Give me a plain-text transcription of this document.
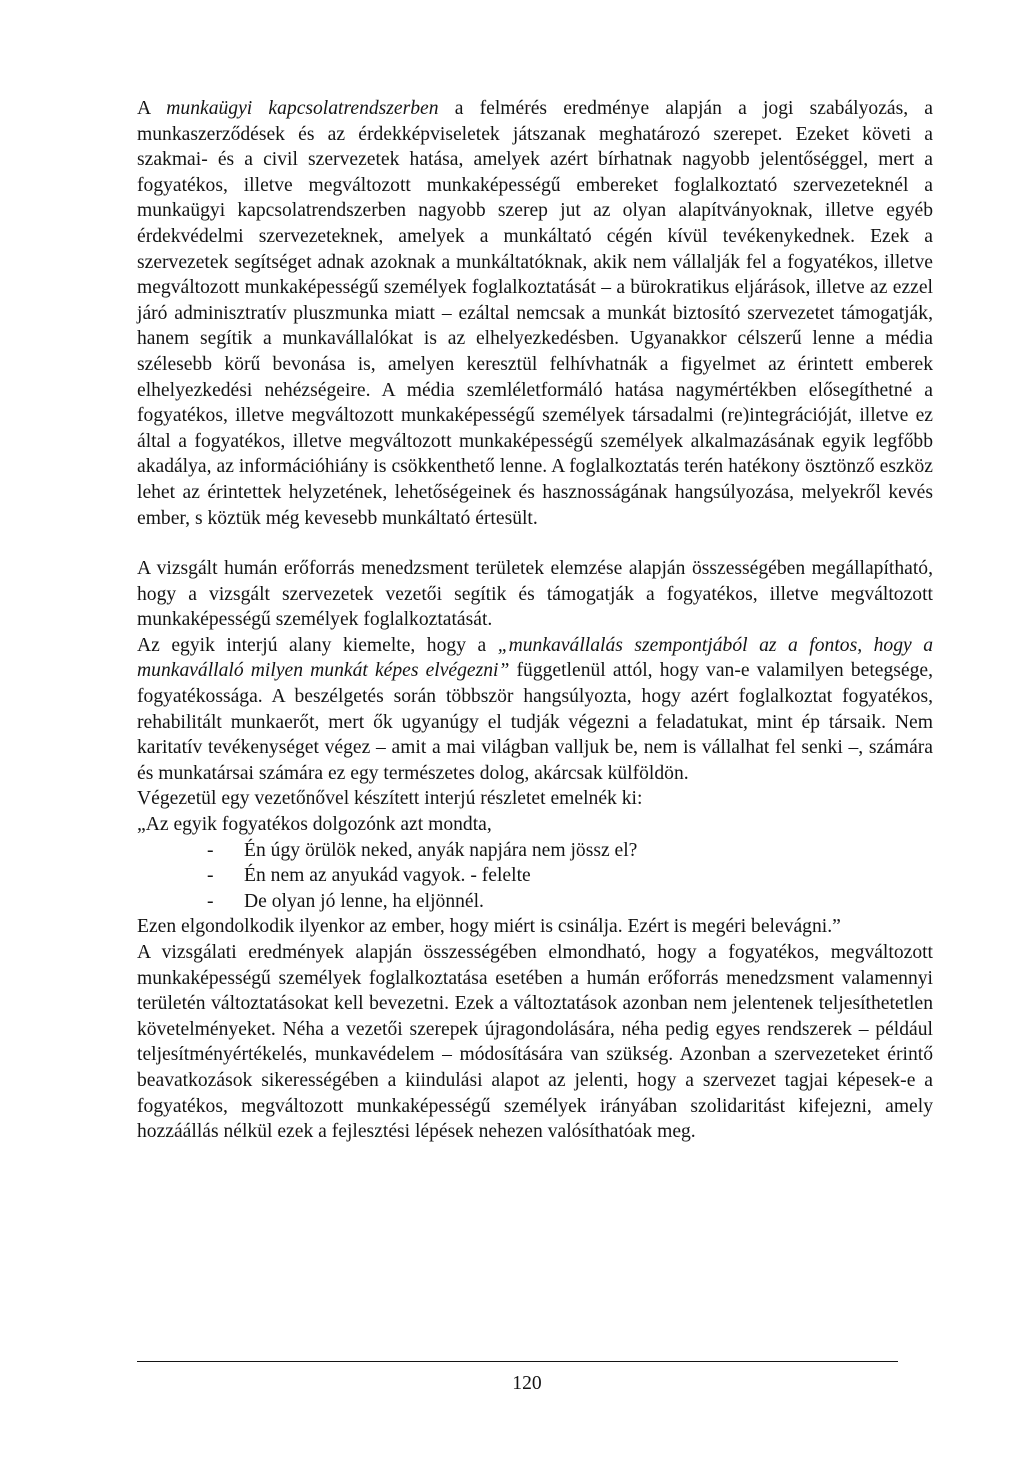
A munkaügyi kapcsolatrendszerben a felmérés eredménye alapján a jogi szabályozás, a munkaszerződések és az érdekképviseletek játszanak meghatározó szerepet. Ezeket követi a szakmai- és a civil szervezetek hatása, amelyek azért bírhatnak nagyobb jelentőséggel, mert a fogyatékos, illetve megváltozott munkaképességű embereket foglalkoztató szervezeteknél a munkaügyi kapcsolatrendszerben nagyobb szerep jut az olyan alapítványoknak, illetve egyéb érdekvédelmi szervezeteknek, amelyek a munkáltató cégén kívül tevékenykednek. Ezek a szervezetek segítséget adnak azoknak a munkáltatóknak, akik nem vállalják fel a fogyatékos, illetve megváltozott munkaképességű személyek foglalkoztatását – a bürokratikus eljárások, illetve az ezzel járó adminisztratív pluszmunka miatt – ezáltal nemcsak a munkát biztosító szervezetet támogatják, hanem segítik a munkavállalókat is az elhelyezkedésben. Ugyanakkor célszerű lenne a média szélesebb körű bevonása is, amelyen keresztül felhívhatnák a figyelmet az érintett emberek elhelyezkedési nehézségeire. A média szemléletformáló hatása nagymértékben elősegíthetné a fogyatékos, illetve megváltozott munkaképességű személyek társadalmi (re)integrációját, illetve ez által a fogyatékos, illetve megváltozott munkaképességű személyek alkalmazásának egyik legfőbb akadálya, az információhiány is csökkenthető lenne. A foglalkoztatás terén hatékony ösztönző eszköz lehet az érintettek helyzetének, lehetőségeinek és hasznosságának hangsúlyozása, melyekről kevés ember, s köztük még kevesebb munkáltató értesült.

A vizsgált humán erőforrás menedzsment területek elemzése alapján összességében megállapítható, hogy a vizsgált szervezetek vezetői segítik és támogatják a fogyatékos, illetve megváltozott munkaképességű személyek foglalkoztatását.

Az egyik interjú alany kiemelte, hogy a „munkavállalás szempontjából az a fontos, hogy a munkavállaló milyen munkát képes elvégezni” függetlenül attól, hogy van-e valamilyen betegsége, fogyatékossága. A beszélgetés során többször hangsúlyozta, hogy azért foglalkoztat fogyatékos, rehabilitált munkaerőt, mert ők ugyanúgy el tudják végezni a feladatukat, mint ép társaik. Nem karitatív tevékenységet végez – amit a mai világban valljuk be, nem is vállalhat fel senki –, számára és munkatársai számára ez egy természetes dolog, akárcsak külföldön.

Végezetül egy vezetőnővel készített interjú részletet emelnék ki:

„Az egyik fogyatékos dolgozónk azt mondta,

- Én úgy örülök neked, anyák napjára nem jössz el?

- Én nem az anyukád vagyok. - felelte

- De olyan jó lenne, ha eljönnél.

Ezen elgondolkodik ilyenkor az ember, hogy miért is csinálja. Ezért is megéri belevágni.”

A vizsgálati eredmények alapján összességében elmondható, hogy a fogyatékos, megváltozott munkaképességű személyek foglalkoztatása esetében a humán erőforrás menedzsment valamennyi területén változtatásokat kell bevezetni. Ezek a változtatások azonban nem jelentenek teljesíthetetlen követelményeket. Néha a vezetői szerepek újragondolására, néha pedig egyes rendszerek – például teljesítményértékelés, munkavédelem – módosítására van szükség. Azonban a szervezeteket érintő beavatkozások sikerességében a kiindulási alapot az jelenti, hogy a szervezet tagjai képesek-e a fogyatékos, megváltozott munkaképességű személyek irányában szolidaritást kifejezni, amely hozzáállás nélkül ezek a fejlesztési lépések nehezen valósíthatóak meg.

120
